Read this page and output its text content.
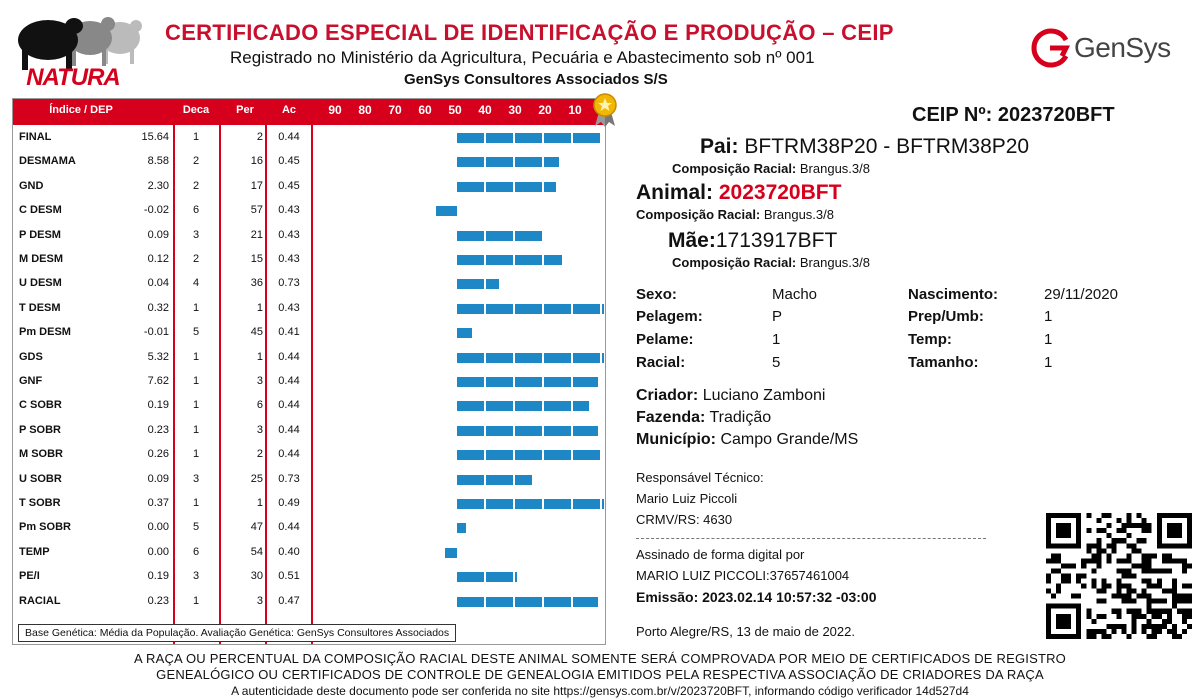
NATURA
CERTIFICADO ESPECIAL DE IDENTIFICAÇÃO E PRODUÇÃO – CEIP
Registrado no Ministério da Agricultura, Pecuária e Abastecimento sob nº 001
GenSys Consultores Associados S/S
GenSys
Índice / DEP	Deca	Per	Ac	90 80 70 60 50 40 30 20 10
FINAL	15.64	1	2	0.44
DESMAMA	8.58	2	16	0.45
GND	2.30	2	17	0.45
C DESM	-0.02	6	57	0.43
P DESM	0.09	3	21	0.43
M DESM	0.12	2	15	0.43
U DESM	0.04	4	36	0.73
T DESM	0.32	1	1	0.43
Pm DESM	-0.01	5	45	0.41
GDS	5.32	1	1	0.44
GNF	7.62	1	3	0.44
C SOBR	0.19	1	6	0.44
P SOBR	0.23	1	3	0.44
M SOBR	0.26	1	2	0.44
U SOBR	0.09	3	25	0.73
T SOBR	0.37	1	1	0.49
Pm SOBR	0.00	5	47	0.44
TEMP	0.00	6	54	0.40
PE/I	0.19	3	30	0.51
RACIAL	0.23	1	3	0.47
Base Genética: Média da População. Avaliação Genética: GenSys Consultores Associados
CEIP Nº: 2023720BFT
Pai: BFTRM38P20 - BFTRM38P20
Composição Racial: Brangus.3/8
Animal: 2023720BFT
Composição Racial: Brangus.3/8
Mãe:1713917BFT
Composição Racial: Brangus.3/8
Sexo:	Macho
Pelagem:	P
Pelame:	1
Racial:	5
Nascimento:	29/11/2020
Prep/Umb:	1
Temp:	1
Tamanho:	1
Criador: Luciano Zamboni
Fazenda: Tradição
Município: Campo Grande/MS
Responsável Técnico:
Mario Luiz Piccoli
CRMV/RS: 4630
Assinado de forma digital por
MARIO LUIZ PICCOLI:37657461004
Emissão: 2023.02.14 10:57:32 -03:00
Porto Alegre/RS, 13 de maio de 2022.
A RAÇA OU PERCENTUAL DA COMPOSIÇÃO RACIAL DESTE ANIMAL SOMENTE SERÁ COMPROVADA POR MEIO DE CERTIFICADOS DE REGISTRO
GENEALÓGICO OU CERTIFICADOS DE CONTROLE DE GENEALOGIA EMITIDOS PELA RESPECTIVA ASSOCIAÇÃO DE CRIADORES DA RAÇA
A autenticidade deste documento pode ser conferida no site https://gensys.com.br/v/2023720BFT, informando código verificador 14d527d4
